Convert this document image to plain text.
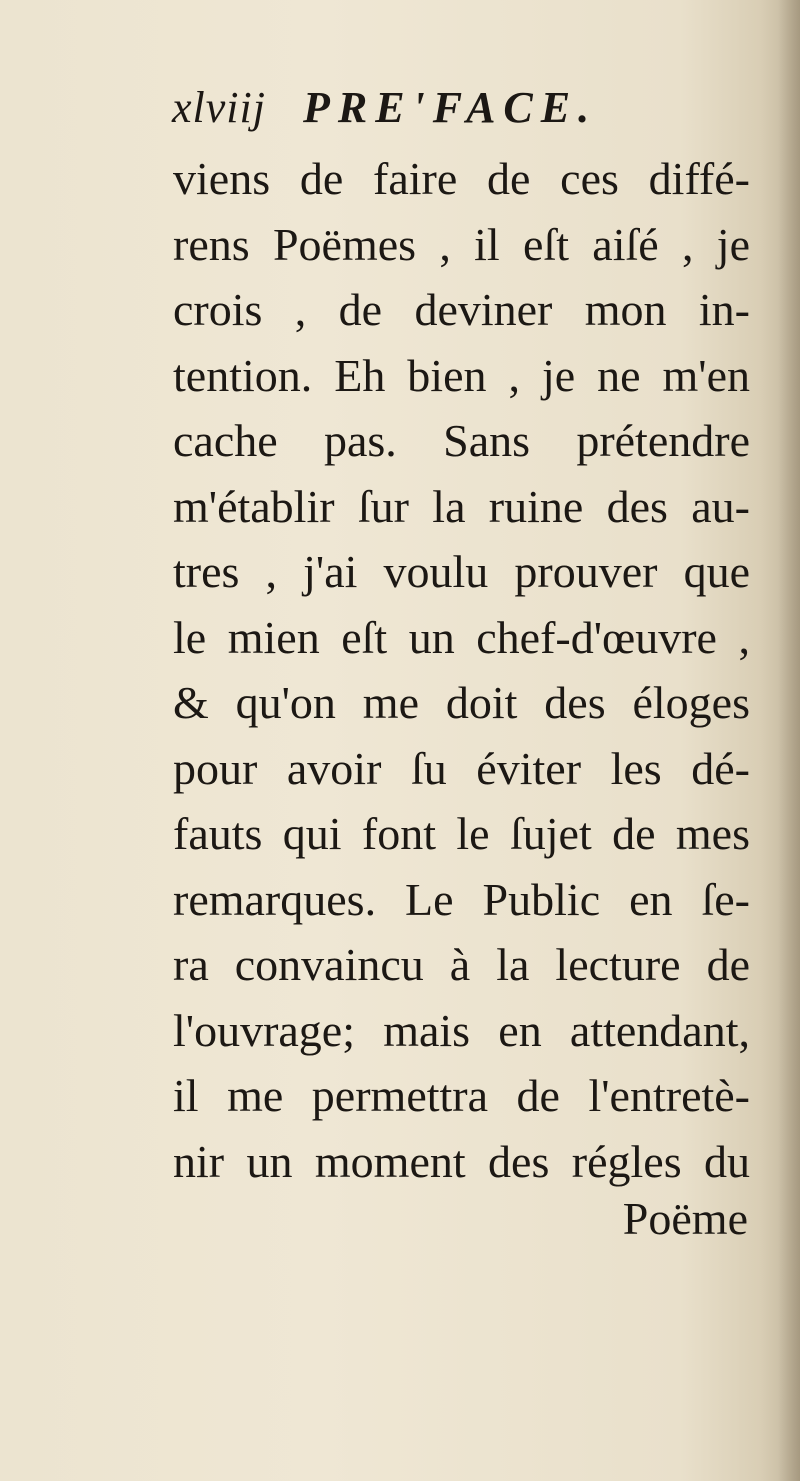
xlviij PRE'FACE.
viens de faire de ces diffé-
rens Poëmes , il eſt aiſé , je
crois , de deviner mon in-
tention. Eh bien , je ne m'en
cache pas. Sans prétendre
m'établir ſur la ruine des au-
tres , j'ai voulu prouver que
le mien eſt un chef-d'œuvre ,
& qu'on me doit des éloges
pour avoir ſu éviter les dé-
fauts qui font le ſujet de mes
remarques. Le Public en ſe-
ra convaincu à la lecture de
l'ouvrage; mais en attendant,
il me permettra de l'entretè-
nir un moment des régles du
Poëme
